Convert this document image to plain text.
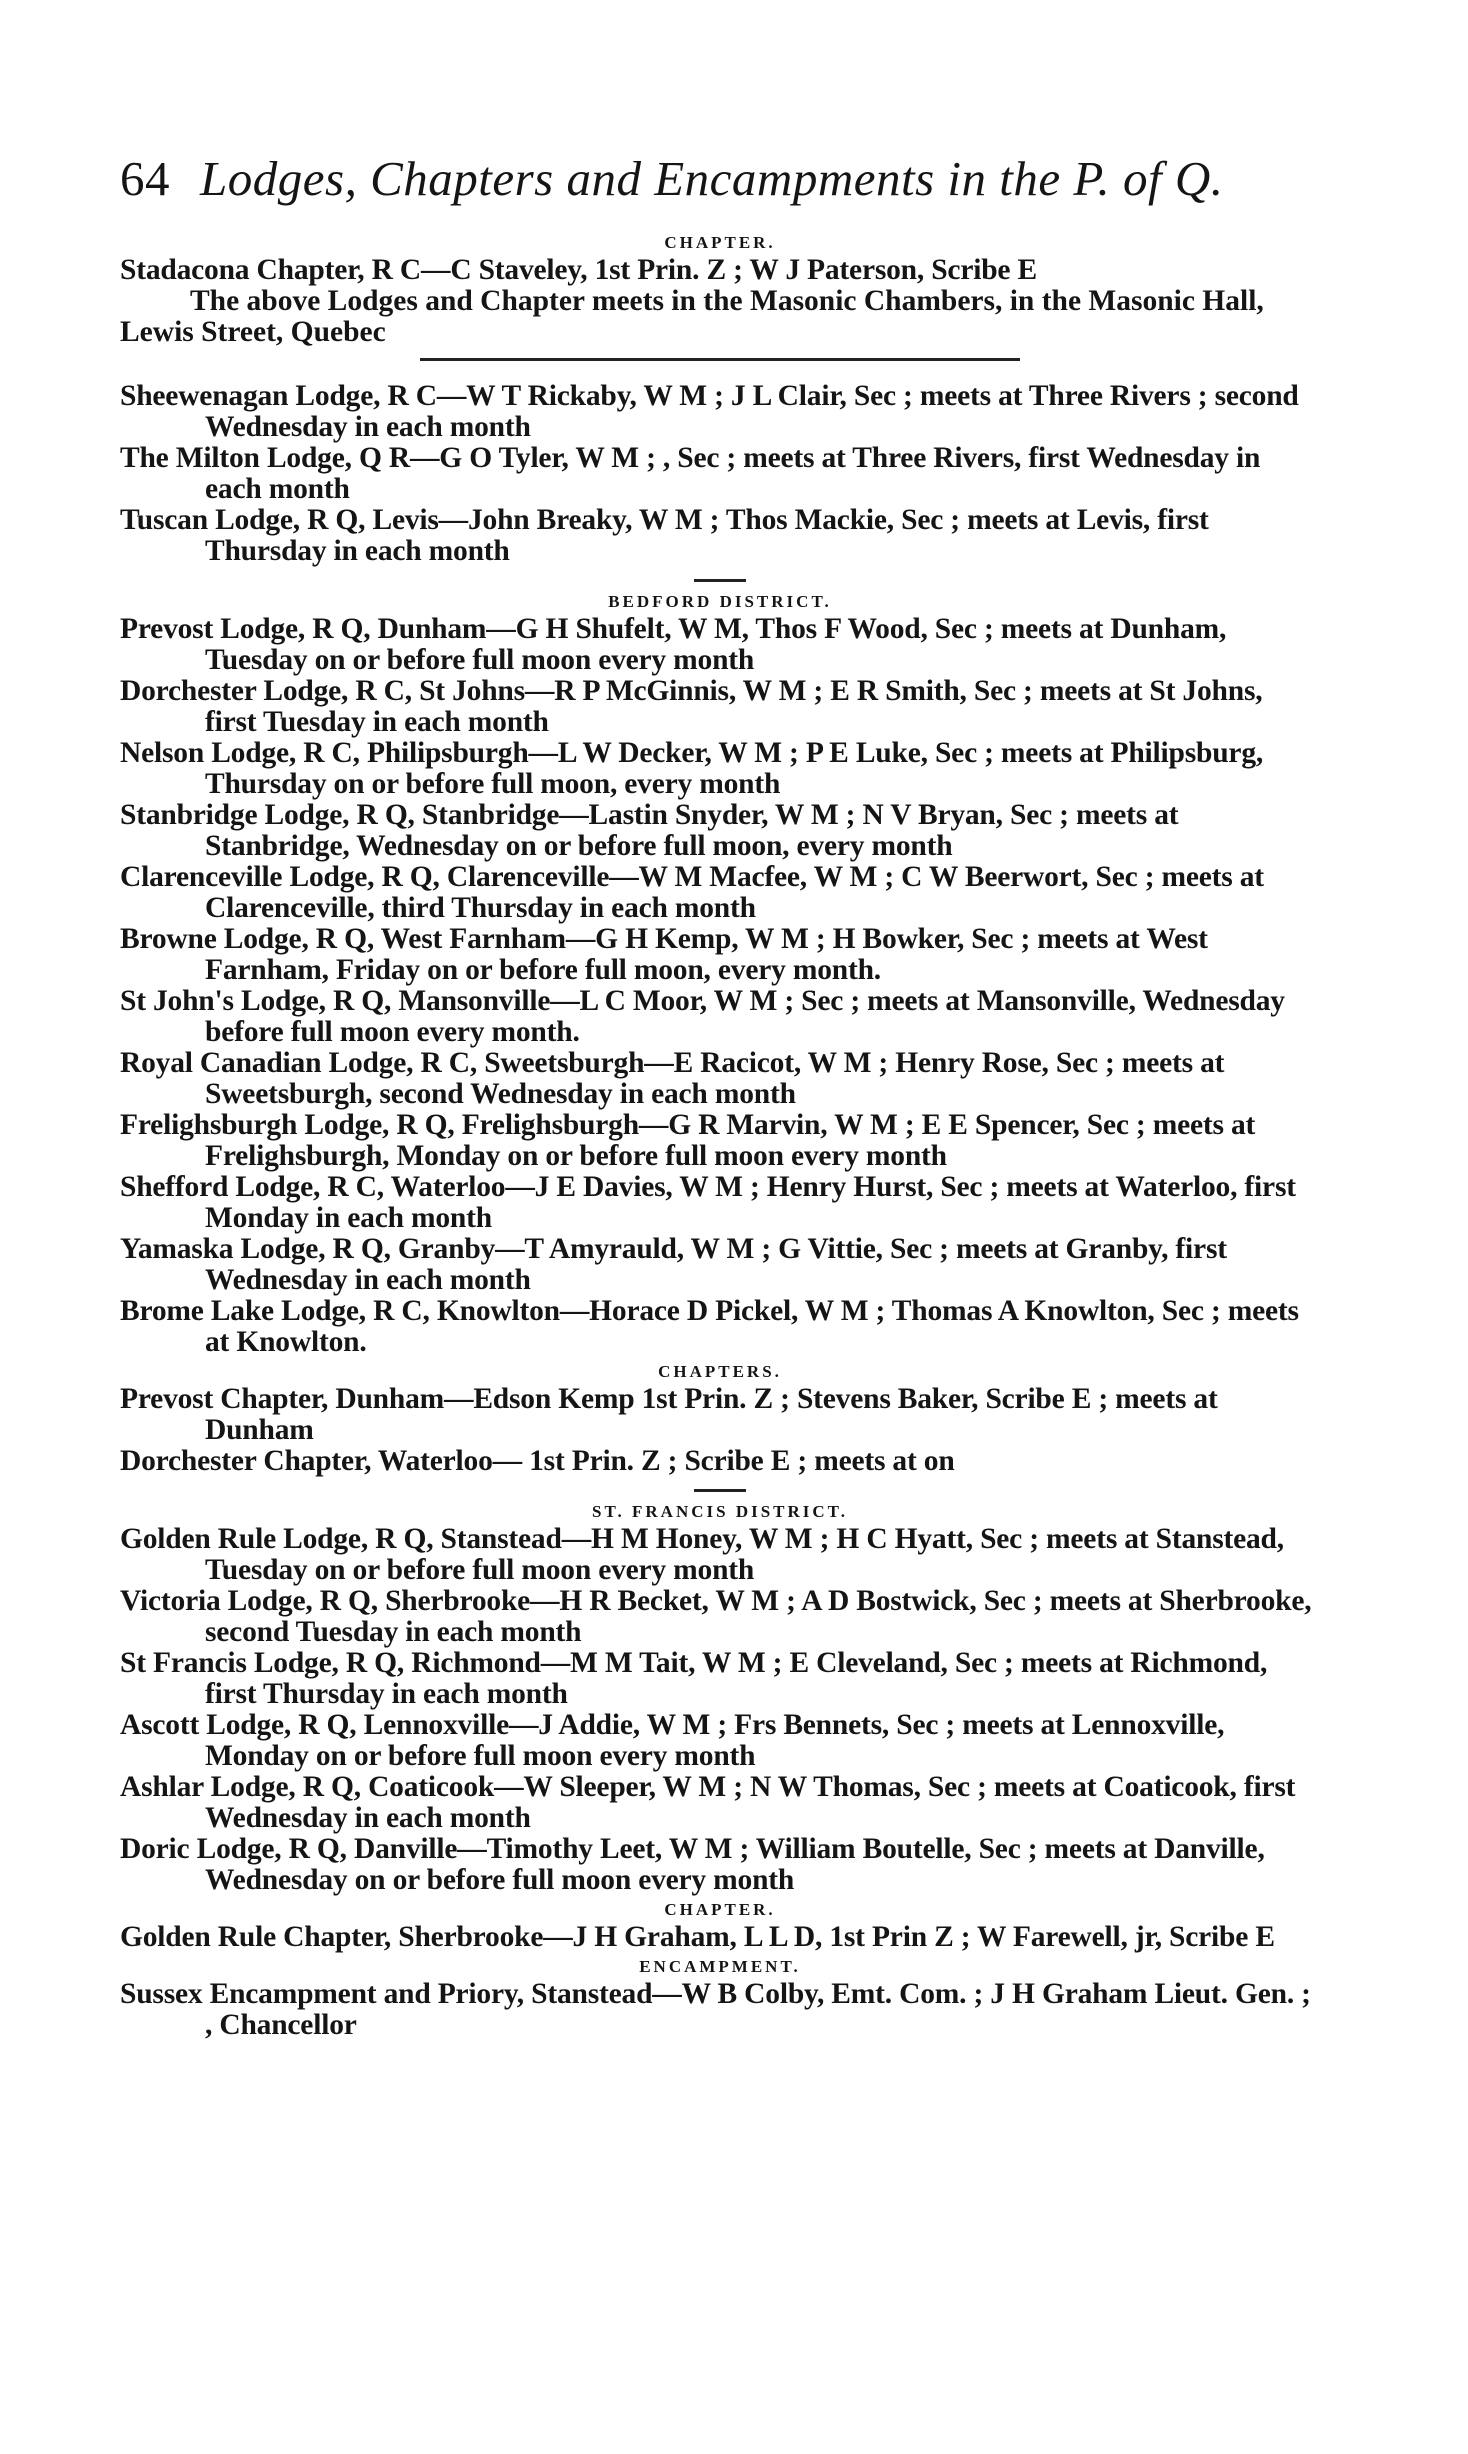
64 Lodges, Chapters and Encampments in the P. of Q.
CHAPTER.

Stadacona Chapter, R C—C Staveley, 1st Prin. Z ; W J Paterson, Scribe E

The above Lodges and Chapter meets in the Masonic Chambers, in the Masonic Hall, Lewis Street, Quebec

Sheewenagan Lodge, R C—W T Rickaby, W M ; J L Clair, Sec ; meets at Three Rivers ; second Wednesday in each month

The Milton Lodge, Q R—G O Tyler, W M ; , Sec ; meets at Three Rivers, first Wednesday in each month

Tuscan Lodge, R Q, Levis—John Breaky, W M ; Thos Mackie, Sec ; meets at Levis, first Thursday in each month

BEDFORD DISTRICT.

Prevost Lodge, R Q, Dunham—G H Shufelt, W M, Thos F Wood, Sec ; meets at Dunham, Tuesday on or before full moon every month

Dorchester Lodge, R C, St Johns—R P McGinnis, W M ; E R Smith, Sec ; meets at St Johns, first Tuesday in each month

Nelson Lodge, R C, Philipsburgh—L W Decker, W M ; P E Luke, Sec ; meets at Philipsburg, Thursday on or before full moon, every month

Stanbridge Lodge, R Q, Stanbridge—Lastin Snyder, W M ; N V Bryan, Sec ; meets at Stanbridge, Wednesday on or before full moon, every month

Clarenceville Lodge, R Q, Clarenceville—W M Macfee, W M ; C W Beerwort, Sec ; meets at Clarenceville, third Thursday in each month

Browne Lodge, R Q, West Farnham—G H Kemp, W M ; H Bowker, Sec ; meets at West Farnham, Friday on or before full moon, every month.

St John's Lodge, R Q, Mansonville—L C Moor, W M ; Sec ; meets at Mansonville, Wednesday before full moon every month.

Royal Canadian Lodge, R C, Sweetsburgh—E Racicot, W M ; Henry Rose, Sec ; meets at Sweetsburgh, second Wednesday in each month

Frelighsburgh Lodge, R Q, Frelighsburgh—G R Marvin, W M ; E E Spencer, Sec ; meets at Frelighsburgh, Monday on or before full moon every month

Shefford Lodge, R C, Waterloo—J E Davies, W M ; Henry Hurst, Sec ; meets at Waterloo, first Monday in each month

Yamaska Lodge, R Q, Granby—T Amyrauld, W M ; G Vittie, Sec ; meets at Granby, first Wednesday in each month

Brome Lake Lodge, R C, Knowlton—Horace D Pickel, W M ; Thomas A Knowlton, Sec ; meets at Knowlton.

CHAPTERS.

Prevost Chapter, Dunham—Edson Kemp 1st Prin. Z ; Stevens Baker, Scribe E ; meets at Dunham

Dorchester Chapter, Waterloo— 1st Prin. Z ; Scribe E ; meets at on

ST. FRANCIS DISTRICT.

Golden Rule Lodge, R Q, Stanstead—H M Honey, W M ; H C Hyatt, Sec ; meets at Stanstead, Tuesday on or before full moon every month

Victoria Lodge, R Q, Sherbrooke—H R Becket, W M ; A D Bostwick, Sec ; meets at Sherbrooke, second Tuesday in each month

St Francis Lodge, R Q, Richmond—M M Tait, W M ; E Cleveland, Sec ; meets at Richmond, first Thursday in each month

Ascott Lodge, R Q, Lennoxville—J Addie, W M ; Frs Bennets, Sec ; meets at Lennoxville, Monday on or before full moon every month

Ashlar Lodge, R Q, Coaticook—W Sleeper, W M ; N W Thomas, Sec ; meets at Coaticook, first Wednesday in each month

Doric Lodge, R Q, Danville—Timothy Leet, W M ; William Boutelle, Sec ; meets at Danville, Wednesday on or before full moon every month

CHAPTER.

Golden Rule Chapter, Sherbrooke—J H Graham, L L D, 1st Prin Z ; W Farewell, jr, Scribe E

ENCAMPMENT.

Sussex Encampment and Priory, Stanstead—W B Colby, Emt. Com. ; J H Graham Lieut. Gen. ; , Chancellor
